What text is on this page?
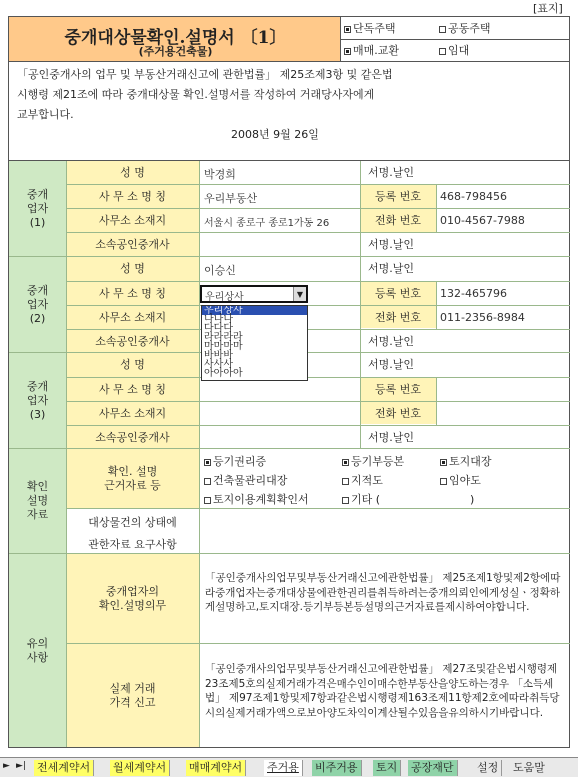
[표지]
중개대상물확인.설명서 〔1〕
(주거용건축물)
단독주택	공동주택
매매.교환	임대
「공인중개사의 업무 및 부동산거래신고에 관한법률」 제25조제3항 및 같은법
시행령 제21조에 따라 중개대상물 확인.설명서를 작성하여 거래당사자에게
교부합니다.
2008년 9월 26일
중개업자(1)
성 명	박경희	서명.날인
사 무 소 명 칭	우리부동산	등록 번호	468-798456
사무소 소재지	서울시 종로구 종로1가동 26	전화 번호	010-4567-7988
소속공인중개사	서명.날인
중개업자(2)
성 명	이승신	서명.날인
사 무 소 명 칭	등록 번호	132-465796
사무소 소재지	전화 번호	011-2356-8984
소속공인중개사	서명.날인
중개업자(3)
성 명	서명.날인
사 무 소 명 칭	등록 번호
사무소 소재지	전화 번호
소속공인중개사	서명.날인
확인설명자료
확인. 설명
근거자료 등
등기권리증	등기부등본	토지대장
건축물관리대장	지적도	임야도
토지이용계획확인서	기타 (	)
대상물건의 상태에
관한자료 요구사항
유의사항
중개업자의
확인.설명의무
「공인중개사의업무및부동산거래신고에관한법률」 제25조제1항및제2항에따라중개업자는중개대상물에관한권리를취득하려는중개의뢰인에게성실ㆍ정확하게설명하고,토지대장.등기부등본등설명의근거자료를제시하여야합니다.
실제 거래
가격 신고
「공인중개사의업무및부동산거래신고에관한법률」 제27조및같은법시행령제23조제5호의실제거래가격은매수인이매수한부동산을양도하는경우 「소득세법」 제97조제1항및제7항과같은법시행령제163조제11항제2호에따라취득당시의실제거래가액으로보아양도차익이계산될수있음을유의하시기바랍니다.
우리상사	▼
우리상사
나나나
다다다
라라라라
마마마마
바바바
사사사
아아아아
► ►| 전세계약서	월세계약서	매매계약서	주거용	비주거용	토지	공장재단	설정	도움말
